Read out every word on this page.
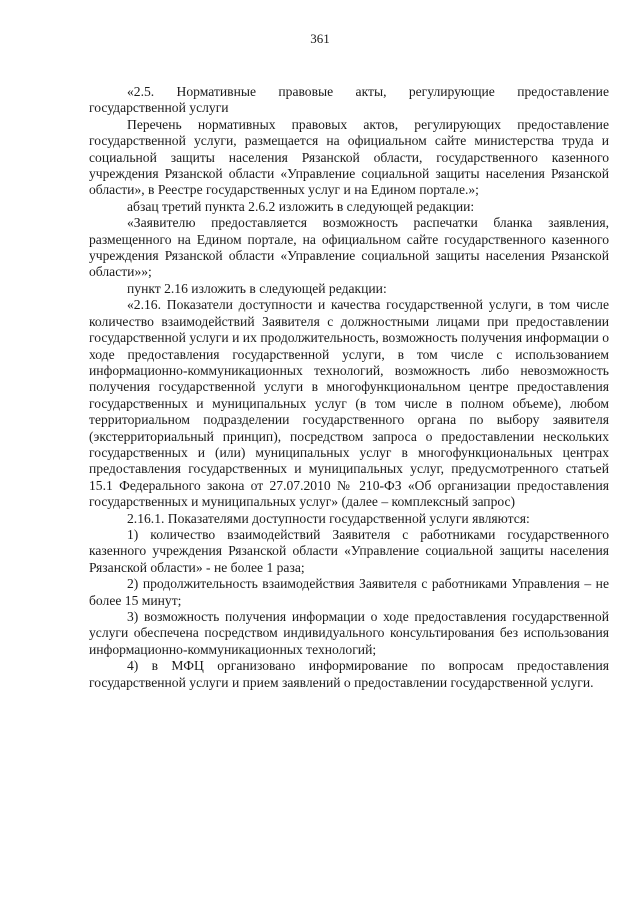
361

«2.5. Нормативные правовые акты, регулирующие предоставление государственной услуги

Перечень нормативных правовых актов, регулирующих предоставление государственной услуги, размещается на официальном сайте министерства труда и социальной защиты населения Рязанской области, государственного казенного учреждения Рязанской области «Управление социальной защиты населения Рязанской области», в Реестре государственных услуг и на Едином портале.»;

абзац третий пункта 2.6.2 изложить в следующей редакции:

«Заявителю предоставляется возможность распечатки бланка заявления, размещенного на Едином портале, на официальном сайте государственного казенного учреждения Рязанской области «Управление социальной защиты населения Рязанской области»»;

пункт 2.16 изложить в следующей редакции:

«2.16. Показатели доступности и качества государственной услуги, в том числе количество взаимодействий Заявителя с должностными лицами при предоставлении государственной услуги и их продолжительность, возможность получения информации о ходе предоставления государственной услуги, в том числе с использованием информационно-коммуникационных технологий, возможность либо невозможность получения государственной услуги в многофункциональном центре предоставления государственных и муниципальных услуг (в том числе в полном объеме), любом территориальном подразделении государственного органа по выбору заявителя (экстерриториальный принцип), посредством запроса о предоставлении нескольких государственных и (или) муниципальных услуг в многофункциональных центрах предоставления государственных и муниципальных услуг, предусмотренного статьей 15.1 Федерального закона от 27.07.2010 № 210-ФЗ «Об организации предоставления государственных и муниципальных услуг» (далее – комплексный запрос)

2.16.1. Показателями доступности государственной услуги являются:

1) количество взаимодействий Заявителя с работниками государственного казенного учреждения Рязанской области «Управление социальной защиты населения Рязанской области» - не более 1 раза;

2) продолжительность взаимодействия Заявителя с работниками Управления – не более 15 минут;

3) возможность получения информации о ходе предоставления государственной услуги обеспечена посредством индивидуального консультирования без использования информационно-коммуникационных технологий;

4) в МФЦ организовано информирование по вопросам предоставления государственной услуги и прием заявлений о предоставлении государственной услуги.
